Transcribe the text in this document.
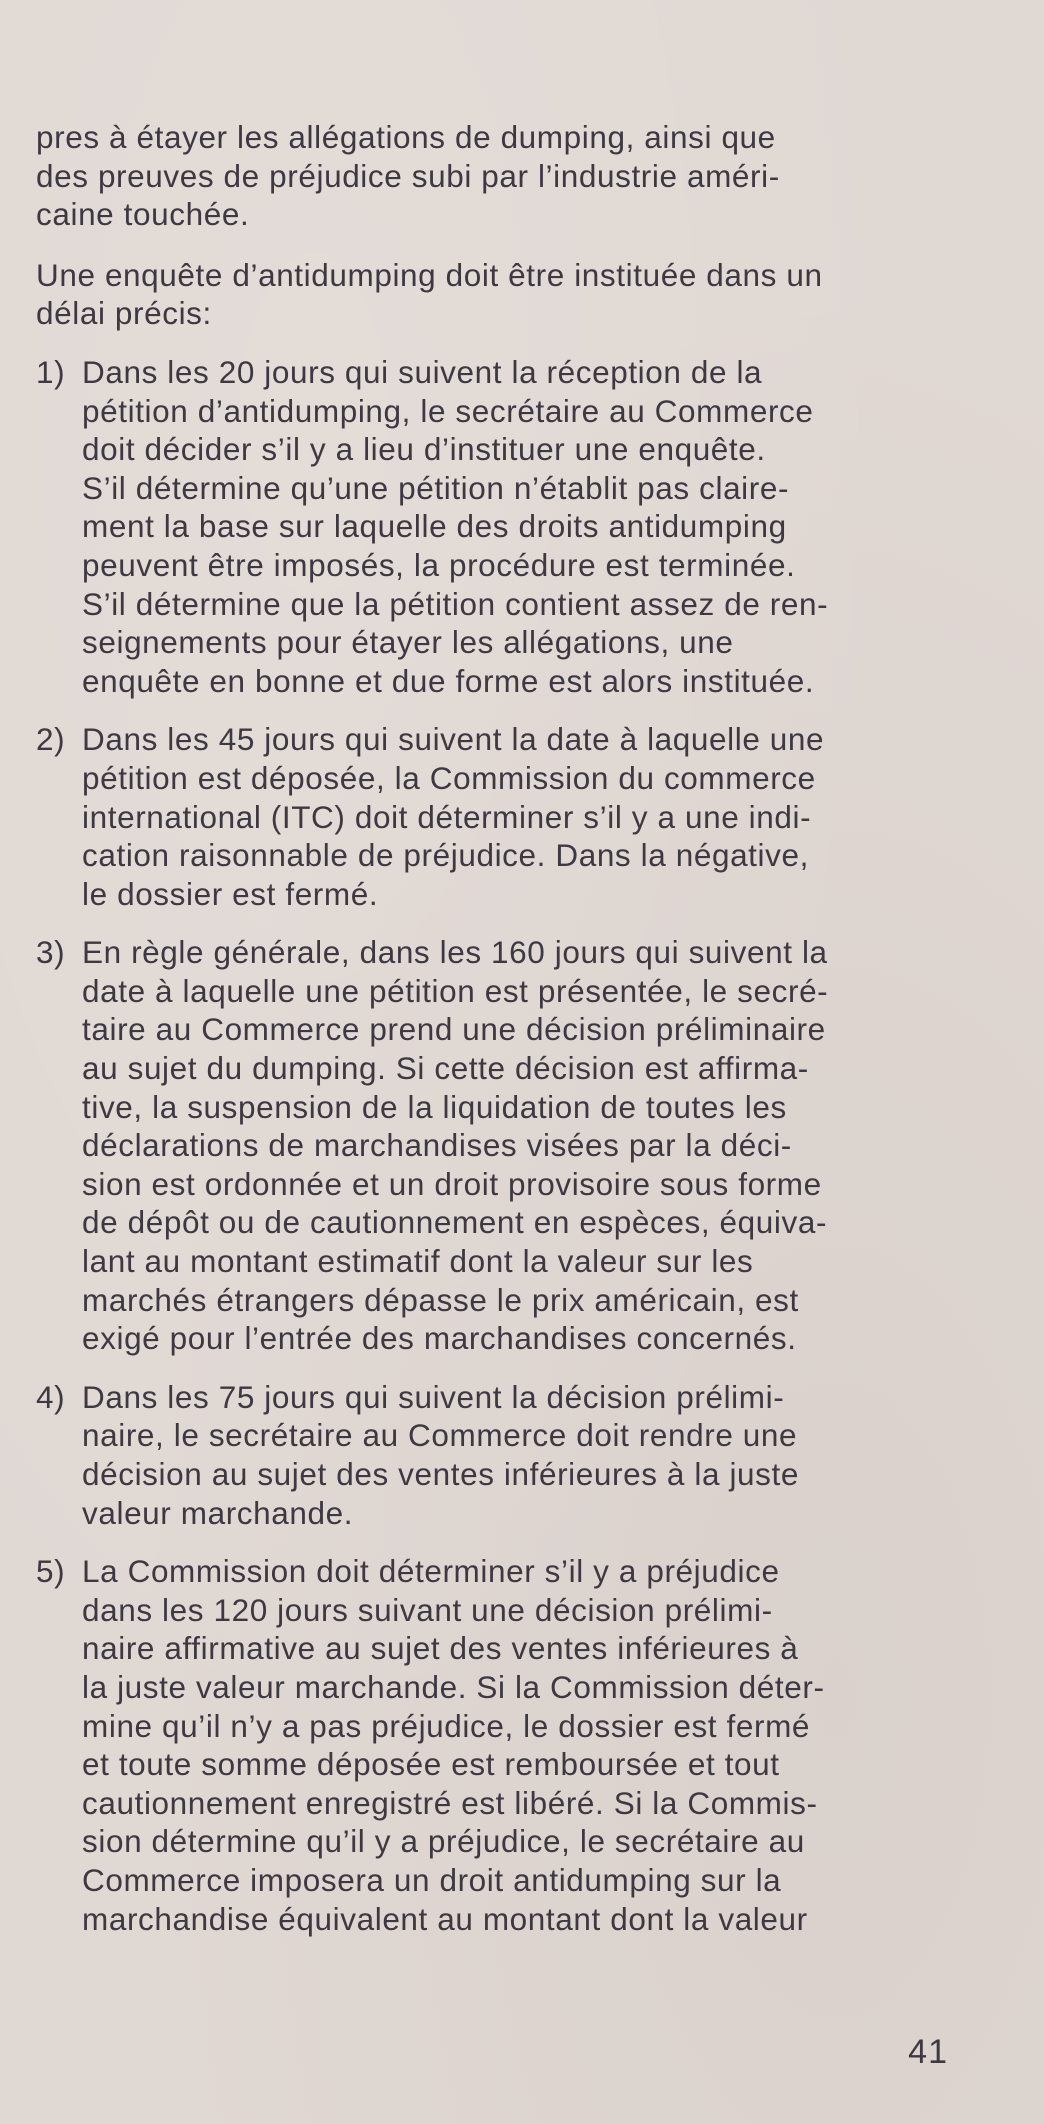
pres à étayer les allégations de dumping, ainsi que
des preuves de préjudice subi par l’industrie améri-
caine touchée.

Une enquête d’antidumping doit être instituée dans un
délai précis:

1) Dans les 20 jours qui suivent la réception de la
pétition d’antidumping, le secrétaire au Commerce
doit décider s’il y a lieu d’instituer une enquête.
S’il détermine qu’une pétition n’établit pas claire-
ment la base sur laquelle des droits antidumping
peuvent être imposés, la procédure est terminée.
S’il détermine que la pétition contient assez de ren-
seignements pour étayer les allégations, une
enquête en bonne et due forme est alors instituée.

2) Dans les 45 jours qui suivent la date à laquelle une
pétition est déposée, la Commission du commerce
international (ITC) doit déterminer s’il y a une indi-
cation raisonnable de préjudice. Dans la négative,
le dossier est fermé.

3) En règle générale, dans les 160 jours qui suivent la
date à laquelle une pétition est présentée, le secré-
taire au Commerce prend une décision préliminaire
au sujet du dumping. Si cette décision est affirma-
tive, la suspension de la liquidation de toutes les
déclarations de marchandises visées par la déci-
sion est ordonnée et un droit provisoire sous forme
de dépôt ou de cautionnement en espèces, équiva-
lant au montant estimatif dont la valeur sur les
marchés étrangers dépasse le prix américain, est
exigé pour l’entrée des marchandises concernés.

4) Dans les 75 jours qui suivent la décision prélimi-
naire, le secrétaire au Commerce doit rendre une
décision au sujet des ventes inférieures à la juste
valeur marchande.

5) La Commission doit déterminer s’il y a préjudice
dans les 120 jours suivant une décision prélimi-
naire affirmative au sujet des ventes inférieures à
la juste valeur marchande. Si la Commission déter-
mine qu’il n’y a pas préjudice, le dossier est fermé
et toute somme déposée est remboursée et tout
cautionnement enregistré est libéré. Si la Commis-
sion détermine qu’il y a préjudice, le secrétaire au
Commerce imposera un droit antidumping sur la
marchandise équivalent au montant dont la valeur

41
